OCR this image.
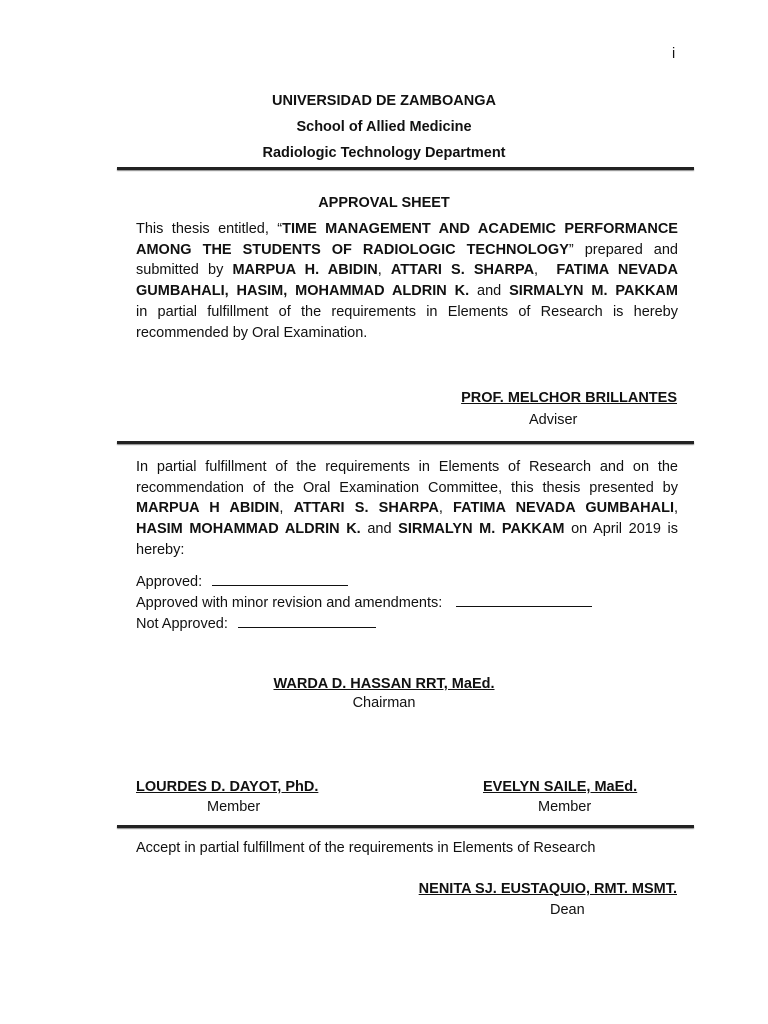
i
UNIVERSIDAD DE ZAMBOANGA
School of Allied Medicine
Radiologic Technology Department
APPROVAL SHEET
This thesis entitled, “TIME MANAGEMENT AND ACADEMIC PERFORMANCE
AMONG THE STUDENTS OF RADIOLOGIC TECHNOLOGY” prepared and
submitted by MARPUA H. ABIDIN, ATTARI S. SHARPA,  FATIMA NEVADA
GUMBAHALI, HASIM, MOHAMMAD ALDRIN K. and SIRMALYN M. PAKKAM
in partial fulfillment of the requirements in Elements of Research is hereby
recommended by Oral Examination.
PROF. MELCHOR BRILLANTES
Adviser
In partial fulfillment of the requirements in Elements of Research and on the
recommendation of the Oral Examination Committee, this thesis presented by
MARPUA H ABIDIN, ATTARI S. SHARPA, FATIMA NEVADA GUMBAHALI,
HASIM MOHAMMAD ALDRIN K. and SIRMALYN M. PAKKAM on April 2019 is
hereby:
Approved:
Approved with minor revision and amendments:
Not Approved:
WARDA D. HASSAN RRT, MaEd.
Chairman
LOURDES D. DAYOT, PhD.
Member
EVELYN SAILE, MaEd.
Member
Accept in partial fulfillment of the requirements in Elements of Research
NENITA SJ. EUSTAQUIO, RMT. MSMT.
Dean
